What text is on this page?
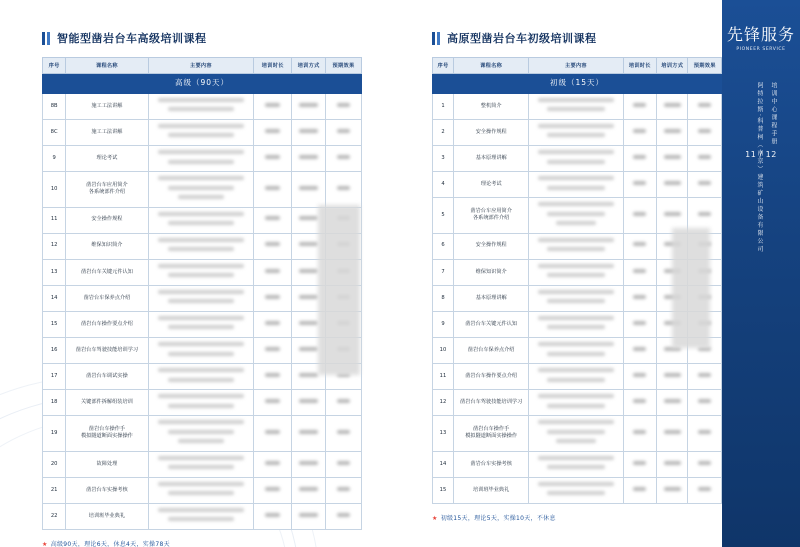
智能型凿岩台车高级培训课程
高级（90天）					
序号	课程名称	主要内容	培训时长	培训方式	预期效果
8B	施工工法讲解				
8C	施工工法讲解				
9	理论考试				
10	凿岩台车应用简介
各系统部件介绍				
11	安全操作规程				
12	维保知识简介				
13	凿岩台车关键元件认知				
14	凿岩台车保养点介绍				
15	凿岩台车操作要点介绍				
16	凿岩台车驾驶技能培训学习				
17	凿岩台车调试实操				
18	关键部件拆解组装培训				
19	凿岩台车操作手
模拟隧道断面实操操作				
20	故障处理				
21	凿岩台车实操考核				
22	培训班毕业典礼				
★ 高级90天，理论6天，休息4天，实操78天
高原型凿岩台车初级培训课程
初级（15天）					
序号	课程名称	主要内容	培训时长	培训方式	预期效果
1	整机简介				
2	安全操作规程				
3	基本原理讲解				
4	理论考试				
5	凿岩台车应用简介
各系统部件介绍				
6	安全操作规程				
7	维保知识简介				
8	基本原理讲解				
9	凿岩台车关键元件认知				
10	凿岩台车保养点介绍				
11	凿岩台车操作要点介绍				
12	凿岩台车驾驶技能培训学习				
13	凿岩台车操作手
模拟隧道断面实操操作				
14	凿岩台车实操考核				
15	培训班毕业典礼				
★ 初级15天，理论5天，实操10天，不休息
先锋服务
PIONEER SERVICE
阿特拉斯·科普柯（南京）建筑矿山设备有限公司	培训中心课程手册
11 / 12
